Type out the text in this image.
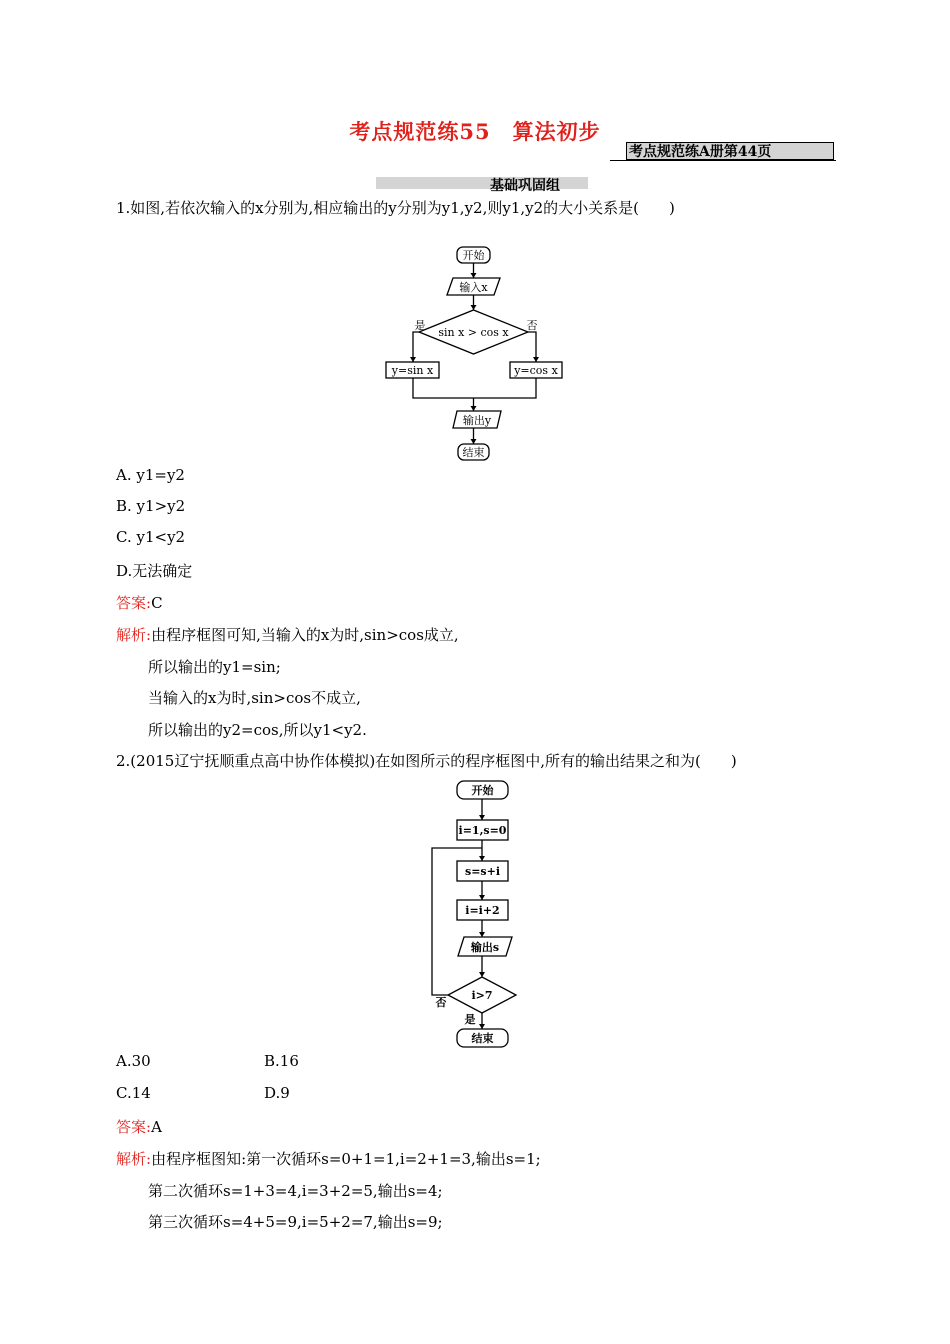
考点规范练55　算法初步
考点规范练A册第44页
基础巩固组
1.如图,若依次输入的x分别为,相应输出的y分别为y1,y2,则y1,y2的大小关系是(　　)
开始
输入x
sin x > cos x
是	否
y=sin x	y=cos x
输出y
结束
A. y1=y2
B. y1>y2
C. y1<y2
D.无法确定
答案:C
解析:由程序框图可知,当输入的x为时,sin>cos成立,
所以输出的y1=sin;
当输入的x为时,sin>cos不成立,
所以输出的y2=cos,所以y1<y2.
2.(2015辽宁抚顺重点高中协作体模拟)在如图所示的程序框图中,所有的输出结果之和为(　　)
开始
i=1,s=0
s=s+i
i=i+2
输出s
i>7
否
是
结束
A.30	B.16
C.14	D.9
答案:A
解析:由程序框图知:第一次循环s=0+1=1,i=2+1=3,输出s=1;
第二次循环s=1+3=4,i=3+2=5,输出s=4;
第三次循环s=4+5=9,i=5+2=7,输出s=9;
